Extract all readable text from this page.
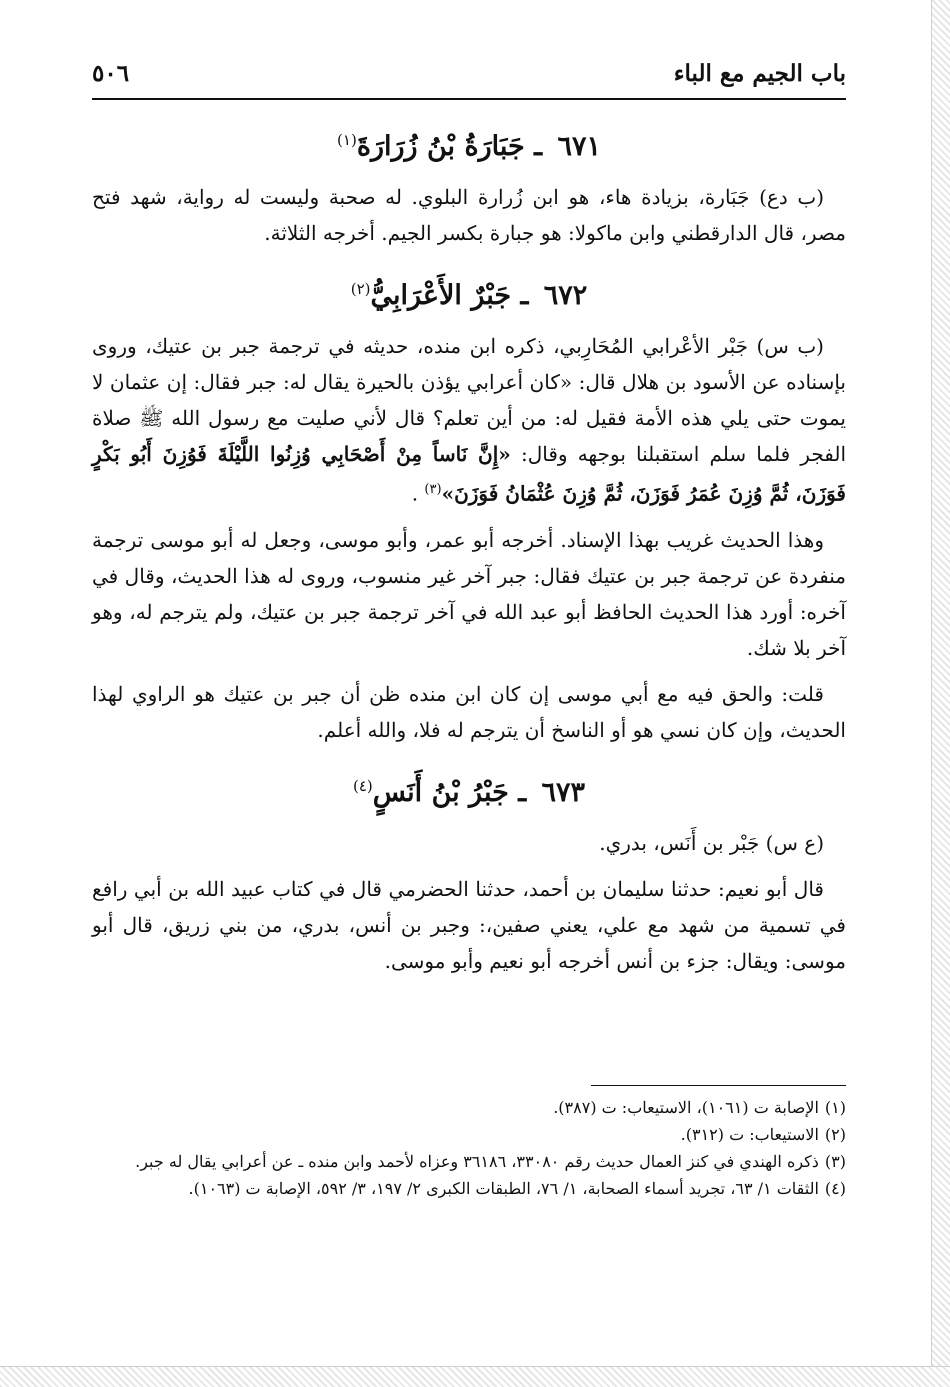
باب الجيم مع الباء
٥٠٦
٦٧١ ـ جَبَارَةُ بْنُ زُرَارَةَ$^{(١)}$

(ب دع) جَبَارة، بزيادة هاء، هو ابن زُرارة البلوي. له صحبة وليست له رواية، شهد فتح مصر، قال الدارقطني وابن ماكولا: هو جبارة بكسر الجيم. أخرجه الثلاثة.

٦٧٢ ـ جَبْرٌ الأَعْرَابِيُّ$^{(٢)}$

(ب س) جَبْر الأعْرابي المُحَارِبي، ذكره ابن منده، حديثه في ترجمة جبر بن عتيك، وروى بإسناده عن الأسود بن هلال قال: «كان أعرابي يؤذن بالحيرة يقال له: جبر فقال: إن عثمان لا يموت حتى يلي هذه الأمة فقيل له: من أين تعلم؟ قال لأني صليت مع رسول الله ﷺ صلاة الفجر فلما سلم استقبلنا بوجهه وقال: «إِنَّ نَاساً مِنْ أَصْحَابِي وُزِنُوا اللَّيْلَةَ فَوُزِنَ أَبُو بَكْرٍ فَوَزَنَ، ثُمَّ وُزِنَ عُمَرُ فَوَزَنَ، ثُمَّ وُزِنَ عُثْمَانُ فَوَزَنَ»$^{(٣)}$ .

وهذا الحديث غريب بهذا الإسناد. أخرجه أبو عمر، وأبو موسى، وجعل له أبو موسى ترجمة منفردة عن ترجمة جبر بن عتيك فقال: جبر آخر غير منسوب، وروى له هذا الحديث، وقال في آخره: أورد هذا الحديث الحافظ أبو عبد الله في آخر ترجمة جبر بن عتيك، ولم يترجم له، وهو آخر بلا شك.

قلت: والحق فيه مع أبي موسى إن كان ابن منده ظن أن جبر بن عتيك هو الراوي لهذا الحديث، وإن كان نسي هو أو الناسخ أن يترجم له فلا، والله أعلم.

٦٧٣ ـ جَبْرُ بْنُ أَنَسٍ$^{(٤)}$

(ع س) جَبْر بن أَنَس، بدري.

قال أبو نعيم: حدثنا سليمان بن أحمد، حدثنا الحضرمي قال في كتاب عبيد الله بن أبي رافع في تسمية من شهد مع علي، يعني صفين،: وجبر بن أنس، بدري، من بني زريق، قال أبو موسى: ويقال: جزء بن أنس أخرجه أبو نعيم وأبو موسى.

(١)الإصابة ت (١٠٦١)، الاستيعاب: ت (٣٨٧).

(٢)الاستيعاب: ت (٣١٢).

(٣)ذكره الهندي في كنز العمال حديث رقم ٣٣٠٨٠، ٣٦١٨٦ وعزاه لأحمد وابن منده ـ عن أعرابي يقال له جبر.

(٤)الثقات ١/ ٦٣، تجريد أسماء الصحابة، ١/ ٧٦، الطبقات الكبرى ٢/ ١٩٧، ٣/ ٥٩٢، الإصابة ت (١٠٦٣).
